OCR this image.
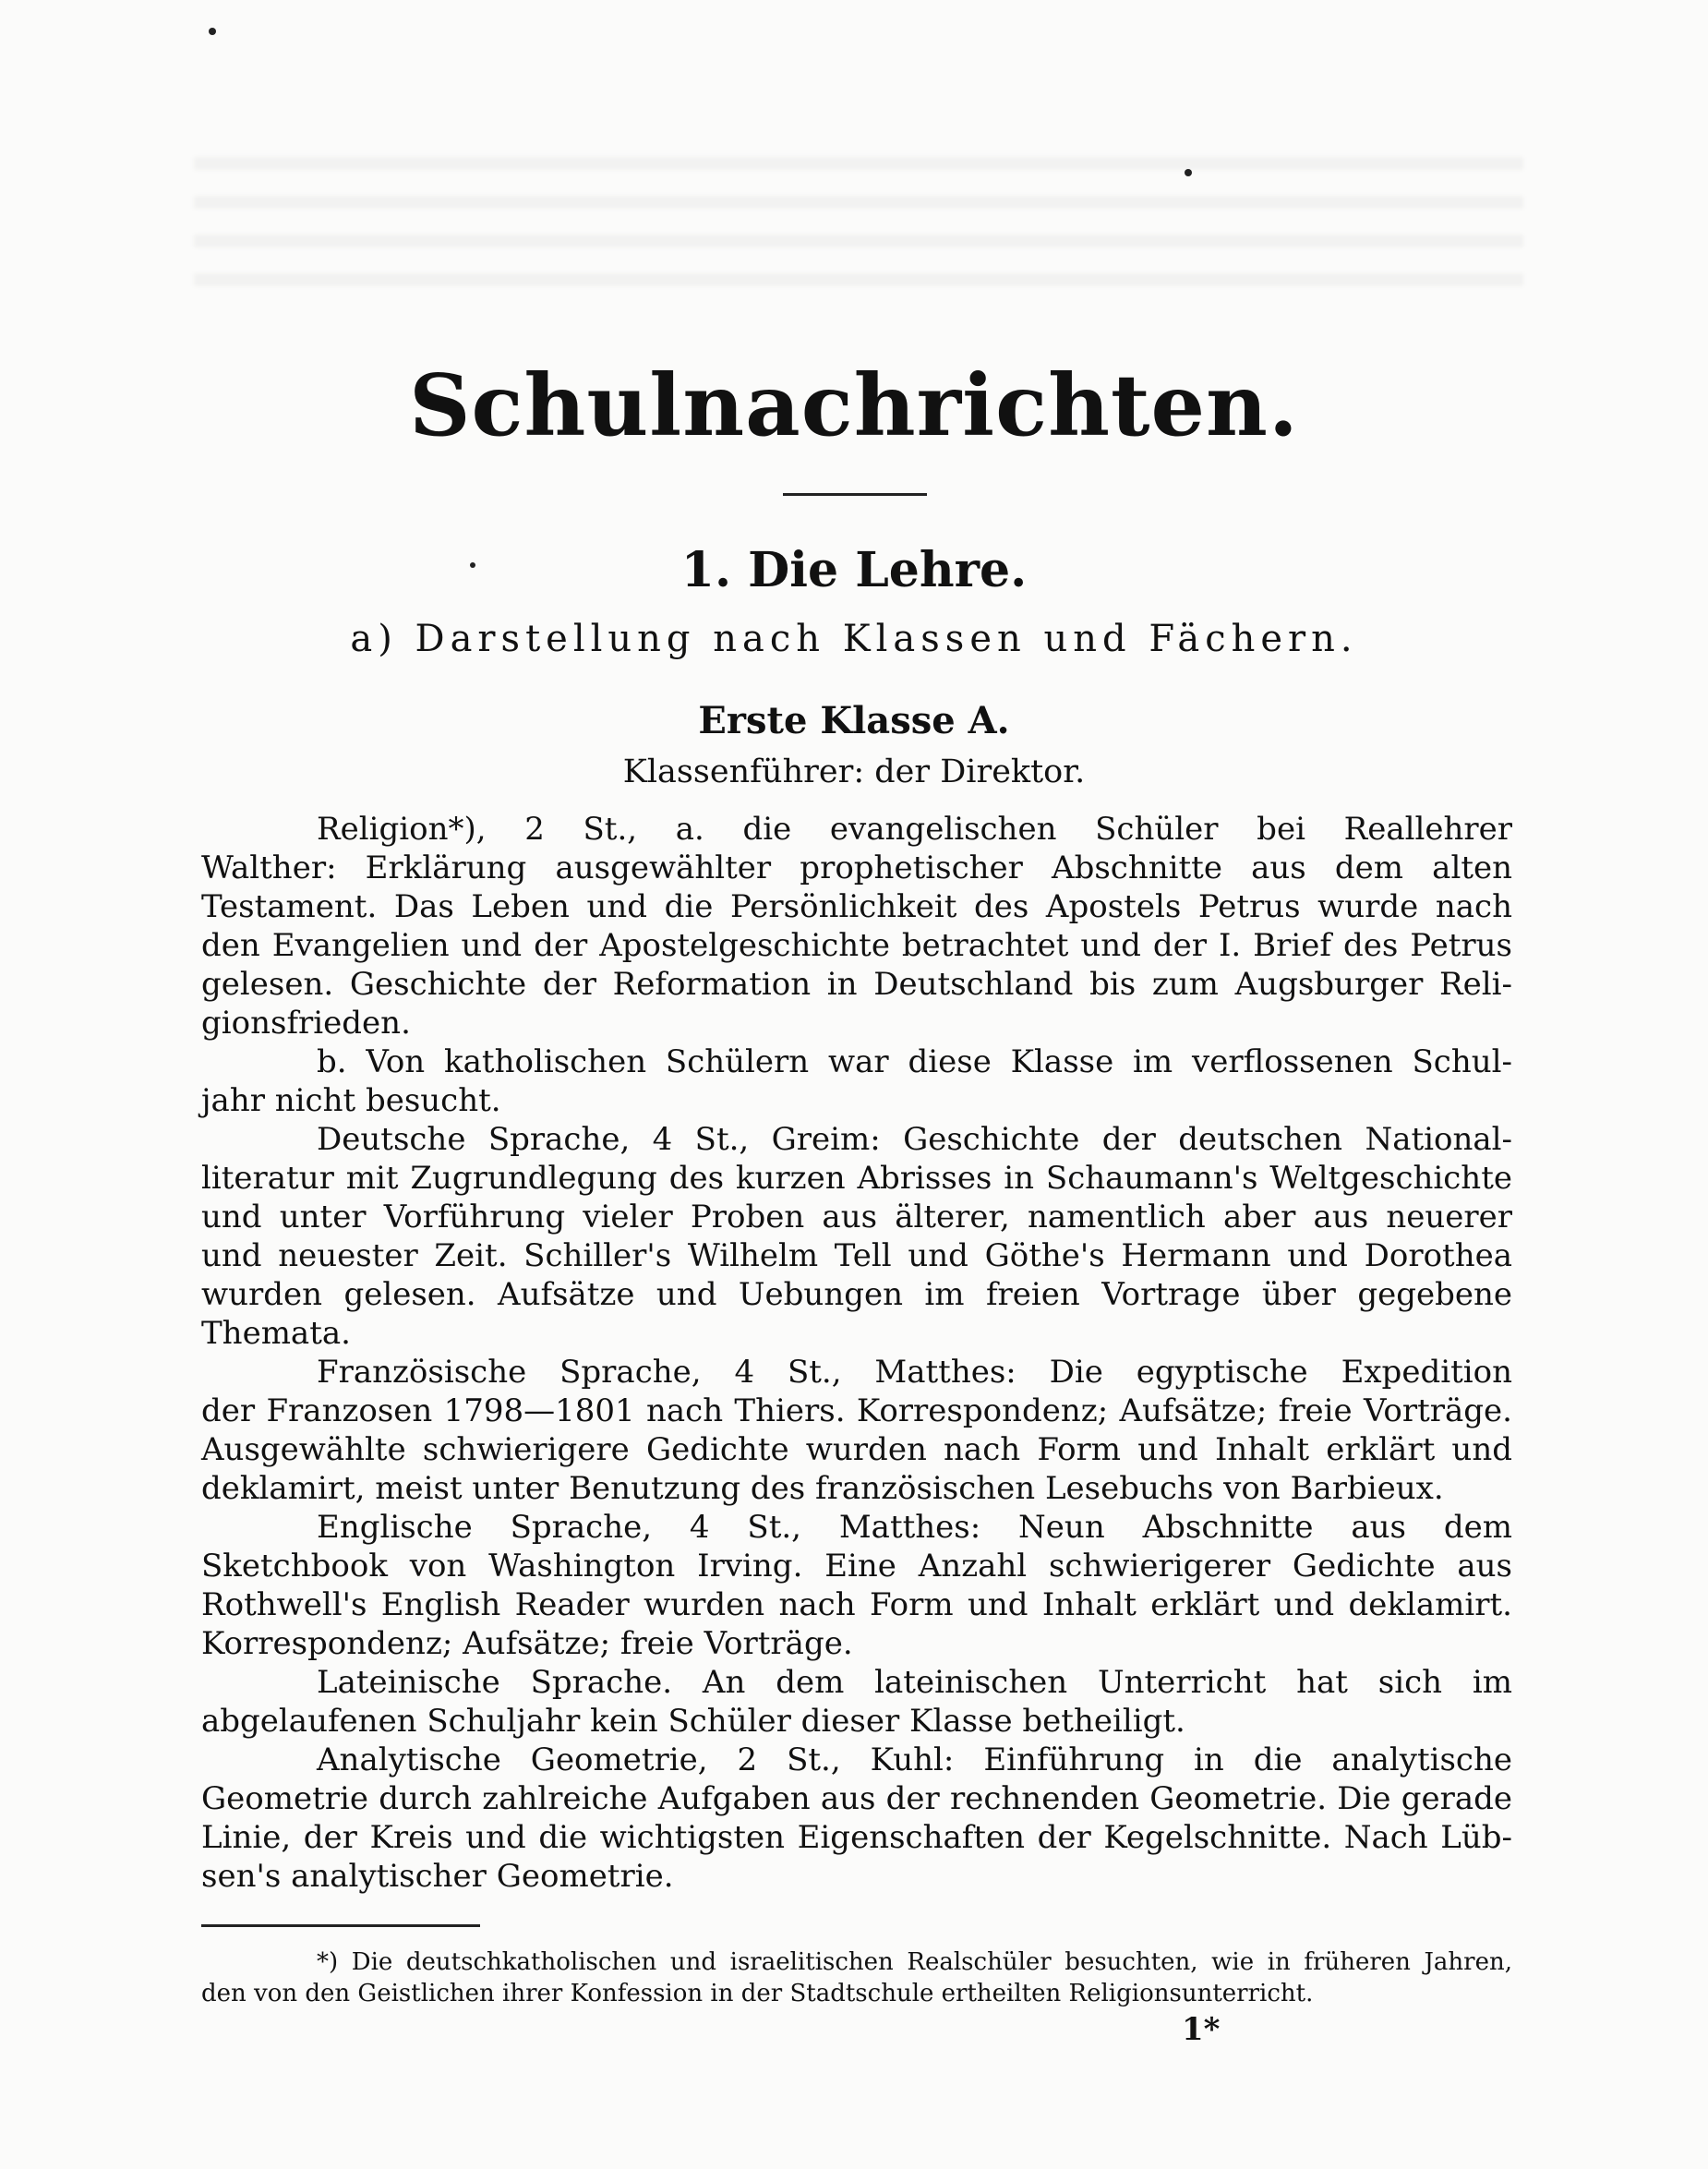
Schulnachrichten.
1. Die Lehre.
a) Darstellung nach Klassen und Fächern.
Erste Klasse A.
Klassenführer: der Direktor.
Religion*), 2 St., a. die evangelischen Schüler bei Reallehrer
Walther: Erklärung ausgewählter prophetischer Abschnitte aus dem alten
Testament. Das Leben und die Persönlichkeit des Apostels Petrus wurde nach
den Evangelien und der Apostelgeschichte betrachtet und der I. Brief des Petrus
gelesen. Geschichte der Reformation in Deutschland bis zum Augsburger Reli-
gionsfrieden.
b. Von katholischen Schülern war diese Klasse im verflossenen Schul-
jahr nicht besucht.
Deutsche Sprache, 4 St., Greim: Geschichte der deutschen National-
literatur mit Zugrundlegung des kurzen Abrisses in Schaumann's Weltgeschichte
und unter Vorführung vieler Proben aus älterer, namentlich aber aus neuerer
und neuester Zeit. Schiller's Wilhelm Tell und Göthe's Hermann und Dorothea
wurden gelesen. Aufsätze und Uebungen im freien Vortrage über gegebene
Themata.
Französische Sprache, 4 St., Matthes: Die egyptische Expedition
der Franzosen 1798—1801 nach Thiers. Korrespondenz; Aufsätze; freie Vorträge.
Ausgewählte schwierigere Gedichte wurden nach Form und Inhalt erklärt und
deklamirt, meist unter Benutzung des französischen Lesebuchs von Barbieux.
Englische Sprache, 4 St., Matthes: Neun Abschnitte aus dem
Sketchbook von Washington Irving. Eine Anzahl schwierigerer Gedichte aus
Rothwell's English Reader wurden nach Form und Inhalt erklärt und deklamirt.
Korrespondenz; Aufsätze; freie Vorträge.
Lateinische Sprache. An dem lateinischen Unterricht hat sich im
abgelaufenen Schuljahr kein Schüler dieser Klasse betheiligt.
Analytische Geometrie, 2 St., Kuhl: Einführung in die analytische
Geometrie durch zahlreiche Aufgaben aus der rechnenden Geometrie. Die gerade
Linie, der Kreis und die wichtigsten Eigenschaften der Kegelschnitte. Nach Lüb-
sen's analytischer Geometrie.
*) Die deutschkatholischen und israelitischen Realschüler besuchten, wie in früheren Jahren,
den von den Geistlichen ihrer Konfession in der Stadtschule ertheilten Religionsunterricht.
1*
